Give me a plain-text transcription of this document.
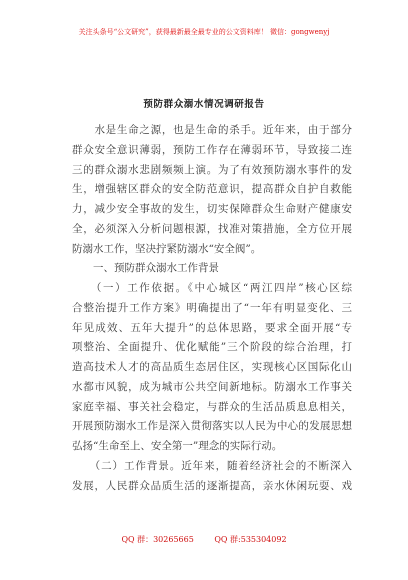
关注头条号“公文研究”，获得最新最全最专业的公文资料库！ 微信：gongwenyj
预防群众溺水情况调研报告
　　水是生命之源，也是生命的杀手。近年来，由于部分
群众安全意识薄弱，预防工作存在薄弱环节，导致接二连
三的群众溺水悲剧频频上演。为了有效预防溺水事件的发
生，增强辖区群众的安全防范意识，提高群众自护自救能
力，减少安全事故的发生，切实保障群众生命财产健康安
全，必须深入分析问题根源，找准对策措施，全方位开展
防溺水工作，坚决拧紧防溺水“安全阀”。
　　一、预防群众溺水工作背景
　　（一）工作依据。《中心城区“两江四岸”核心区综
合整治提升工作方案》明确提出了“一年有明显变化、三
年见成效、五年大提升”的总体思路，要求全面开展“专
项整治、全面提升、优化赋能”三个阶段的综合治理，打
造高技术人才的高品质生态居住区，实现核心区国际化山
水都市风貌，成为城市公共空间新地标。防溺水工作事关
家庭幸福、事关社会稳定，与群众的生活品质息息相关，
开展预防溺水工作是深入贯彻落实以人民为中心的发展思想
弘扬“生命至上、安全第一”理念的实际行动。
　　（二）工作背景。近年来，随着经济社会的不断深入
发展，人民群众品质生活的逐渐提高，亲水休闲玩耍、戏
QQ 群：30265665	QQ 群:535304092
